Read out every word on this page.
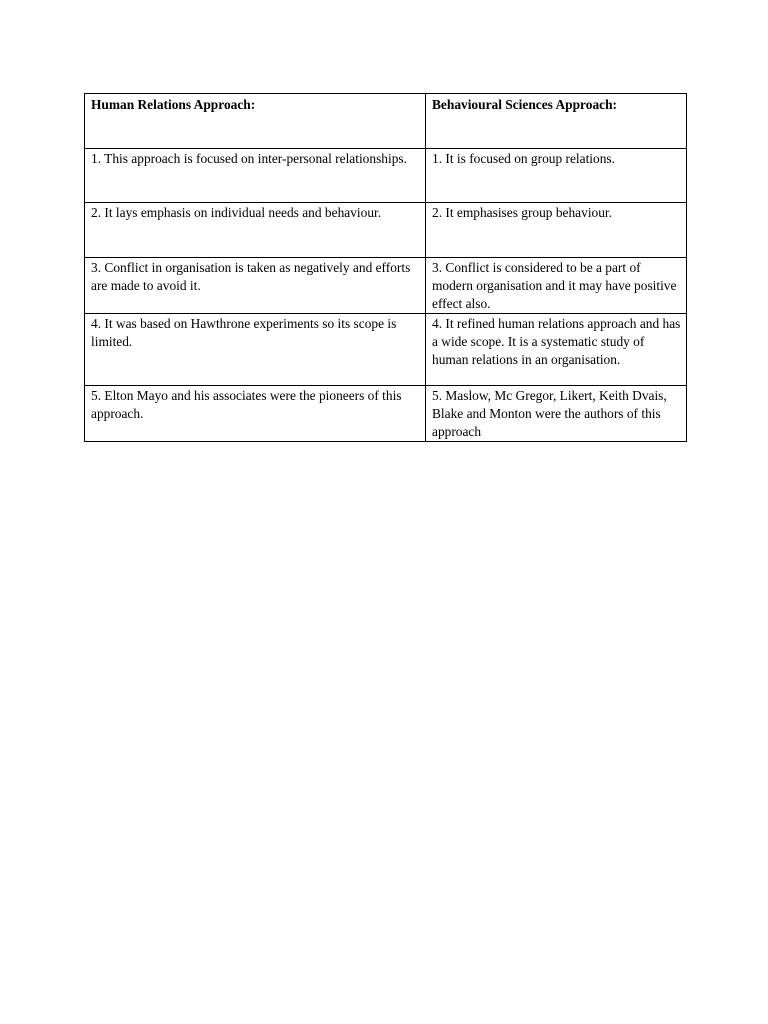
Human Relations Approach:	Behavioural Sciences Approach:
1. This approach is focused on inter-personal relationships.	1. It is focused on group relations.
2. It lays emphasis on individual needs and behaviour.	2. It emphasises group behaviour.
3. Conflict in organisation is taken as negatively and efforts are made to avoid it.	3. Conflict is considered to be a part of modern organisation and it may have positive effect also.
4. It was based on Hawthrone experiments so its scope is limited.	4. It refined human relations approach and has a wide scope. It is a systematic study of human relations in an organisation.
5. Elton Mayo and his associates were the pioneers of this approach.	5. Maslow, Mc Gregor, Likert, Keith Dvais, Blake and Monton were the authors of this approach
